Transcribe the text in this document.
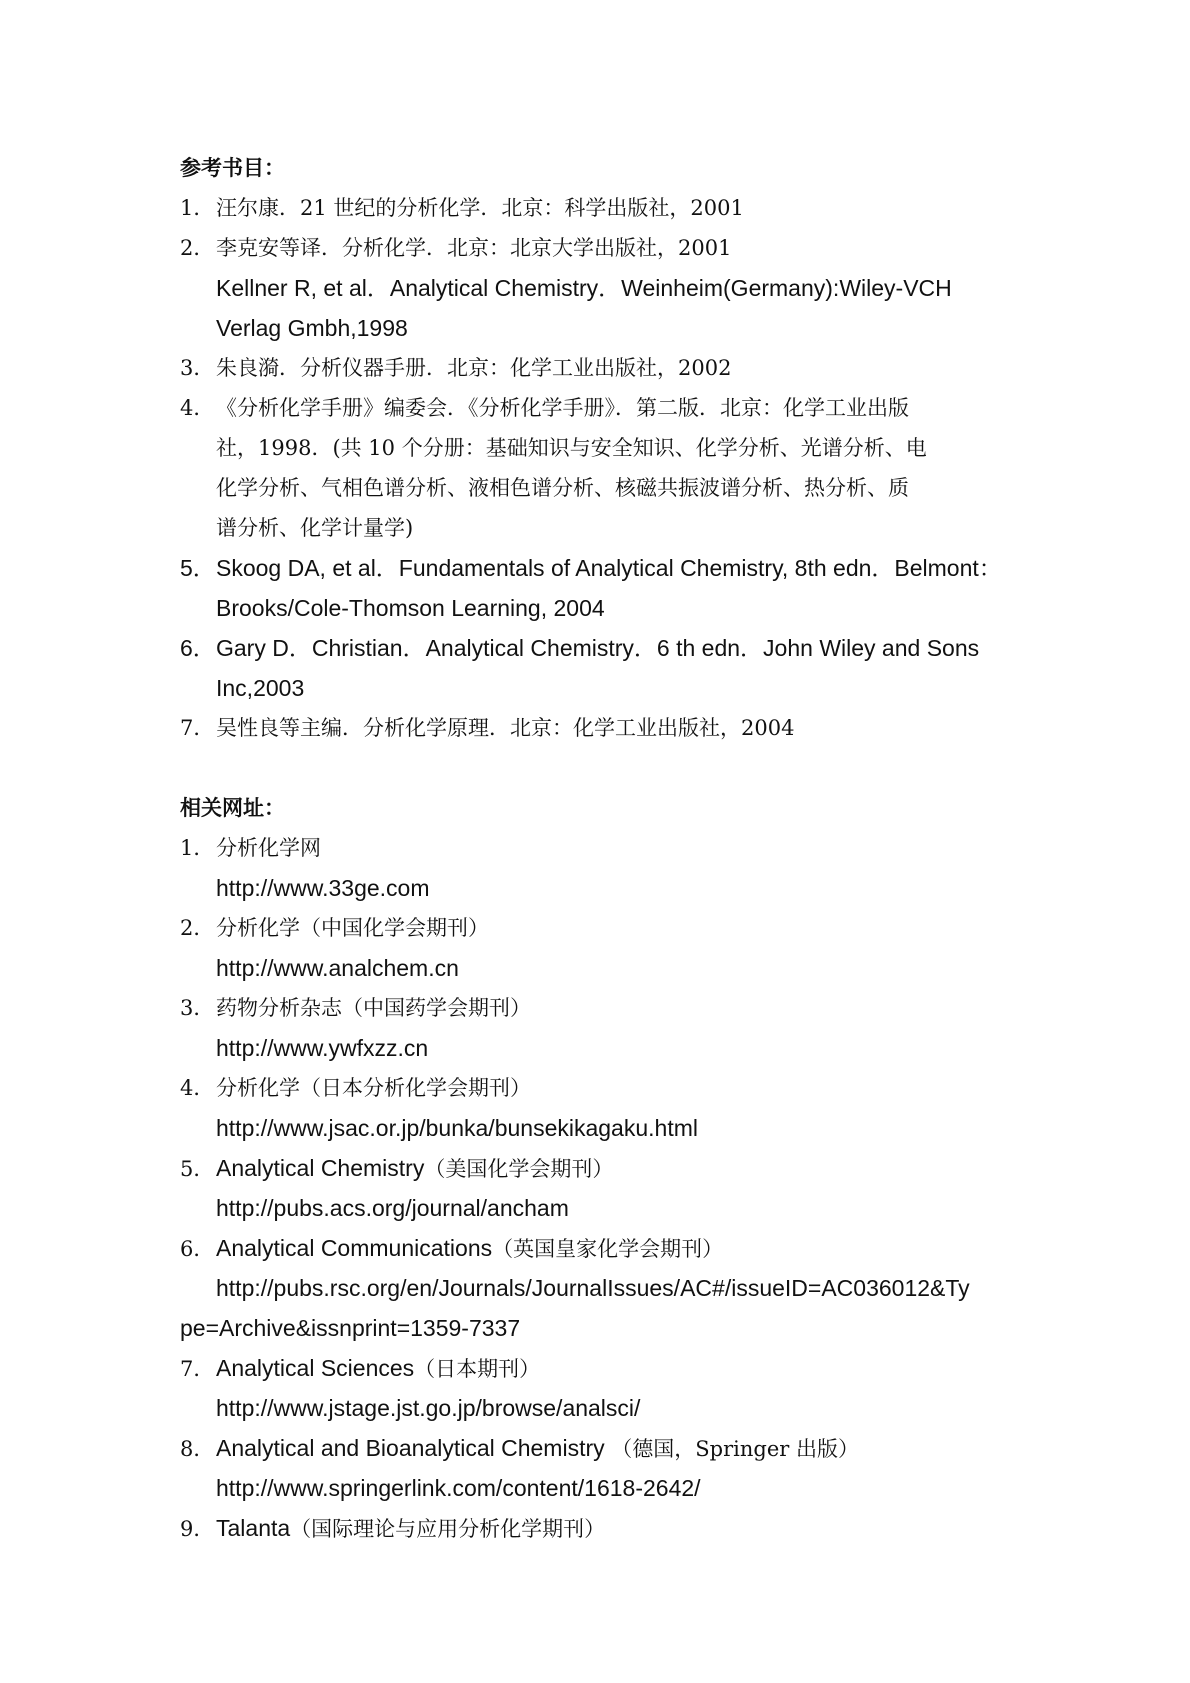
参考书目：
1．汪尔康．21 世纪的分析化学．北京：科学出版社，2001
2．李克安等译．分析化学．北京：北京大学出版社，2001
Kellner R, et al．Analytical Chemistry．Weinheim(Germany):Wiley-VCH
Verlag Gmbh,1998
3．朱良漪．分析仪器手册．北京：化学工业出版社，2002
4．《分析化学手册》编委会．《分析化学手册》．第二版．北京：化学工业出版
社，1998．(共 10 个分册：基础知识与安全知识、化学分析、光谱分析、电
化学分析、气相色谱分析、液相色谱分析、核磁共振波谱分析、热分析、质
谱分析、化学计量学)
5．Skoog DA, et al．Fundamentals of Analytical Chemistry, 8th edn．Belmont：
Brooks/Cole-Thomson Learning, 2004
6．Gary D．Christian．Analytical Chemistry．6 th edn．John Wiley and Sons
Inc,2003
7．吴性良等主编．分析化学原理．北京：化学工业出版社，2004
相关网址：
1．分析化学网
http://www.33ge.com
2．分析化学（中国化学会期刊）
http://www.analchem.cn
3．药物分析杂志（中国药学会期刊）
http://www.ywfxzz.cn
4．分析化学（日本分析化学会期刊）
http://www.jsac.or.jp/bunka/bunsekikagaku.html
5．Analytical Chemistry（美国化学会期刊）
http://pubs.acs.org/journal/ancham
6．Analytical Communications（英国皇家化学会期刊）
http://pubs.rsc.org/en/Journals/JournalIssues/AC#/issueID=AC036012&Ty
pe=Archive&issnprint=1359-7337
7．Analytical Sciences（日本期刊）
http://www.jstage.jst.go.jp/browse/analsci/
8．Analytical and Bioanalytical Chemistry （德国，Springer 出版）
http://www.springerlink.com/content/1618-2642/
9．Talanta（国际理论与应用分析化学期刊）
